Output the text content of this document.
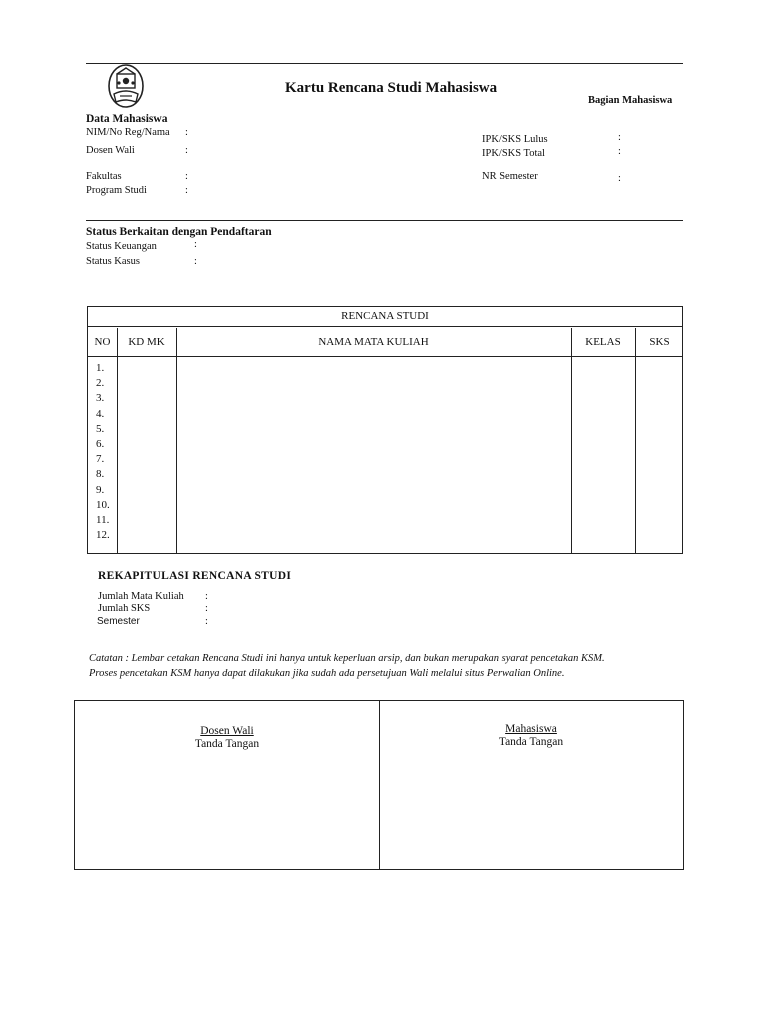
Kartu Rencana Studi Mahasiswa
Bagian Mahasiswa
Data Mahasiswa
NIM/No Reg/Nama :
Dosen Wali	:
Fakultas	:
Program Studi	:
IPK/SKS Lulus	:
IPK/SKS Total	:
NR Semester	:
Status Berkaitan dengan Pendaftaran
Status Keuangan	:
Status Kasus	:
RENCANA STUDI
NO	KD MK	NAMA MATA KULIAH	KELAS	SKS
1.
2.
3.
4.
5.
6.
7.
8.
9.
10.
11.
12.
REKAPITULASI RENCANA STUDI
Jumlah Mata Kuliah :
Jumlah SKS	:
Semester	:
Catatan : Lembar cetakan Rencana Studi ini hanya untuk keperluan arsip, dan bukan merupakan syarat pencetakan KSM.
Proses pencetakan KSM hanya dapat dilakukan jika sudah ada persetujuan Wali melalui situs Perwalian Online.
Dosen Wali
Tanda Tangan
Mahasiswa
Tanda Tangan
